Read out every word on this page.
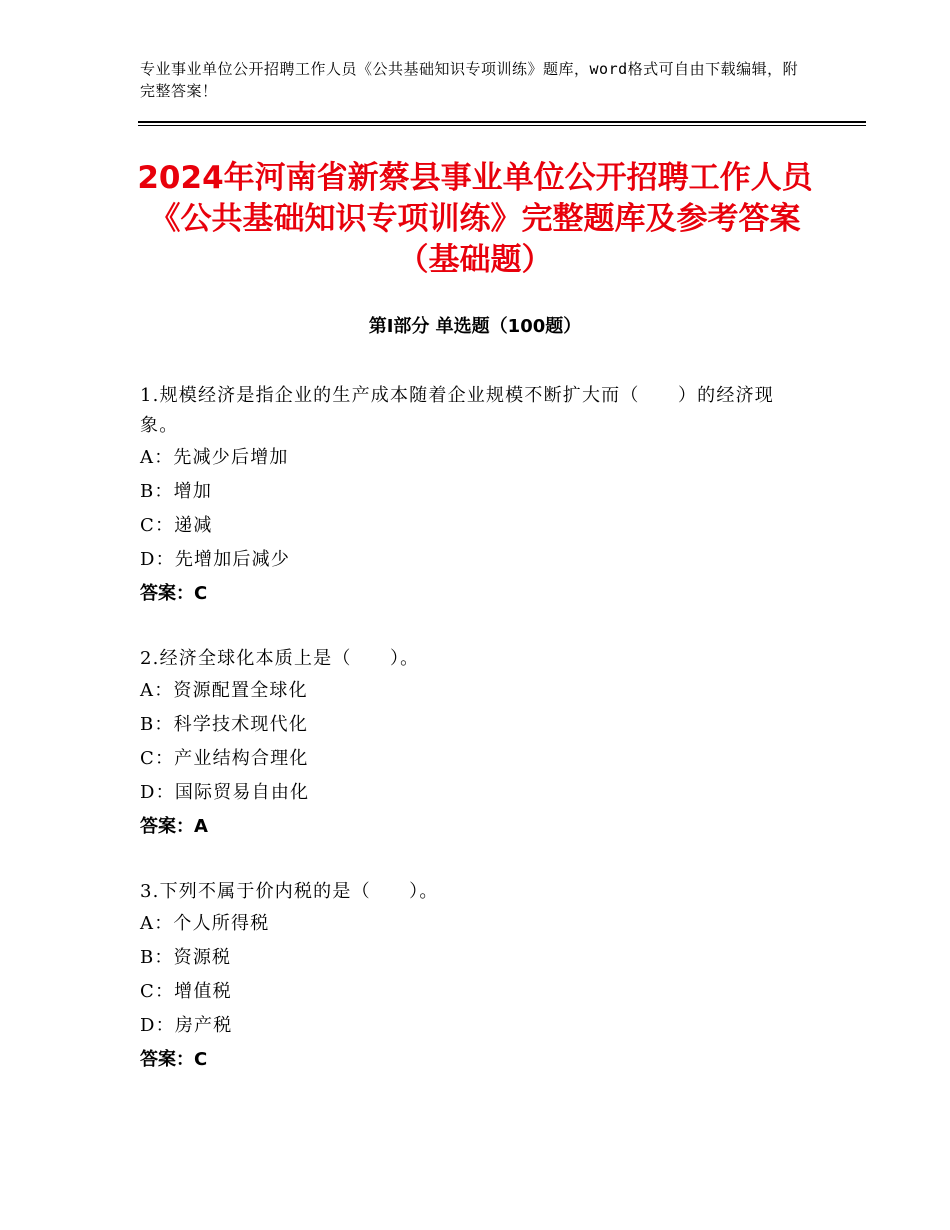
专业事业单位公开招聘工作人员《公共基础知识专项训练》题库，word格式可自由下载编辑，附完整答案！
2024年河南省新蔡县事业单位公开招聘工作人员《公共基础知识专项训练》完整题库及参考答案（基础题）
第Ⅰ部分 单选题（100题）

1.规模经济是指企业的生产成本随着企业规模不断扩大而（　　）的经济现象。

A：先减少后增加

B：增加

C：递减

D：先增加后减少

答案：C

2.经济全球化本质上是（　　）。

A：资源配置全球化

B：科学技术现代化

C：产业结构合理化

D：国际贸易自由化

答案：A

3.下列不属于价内税的是（　　）。

A：个人所得税

B：资源税

C：增值税

D：房产税

答案：C
